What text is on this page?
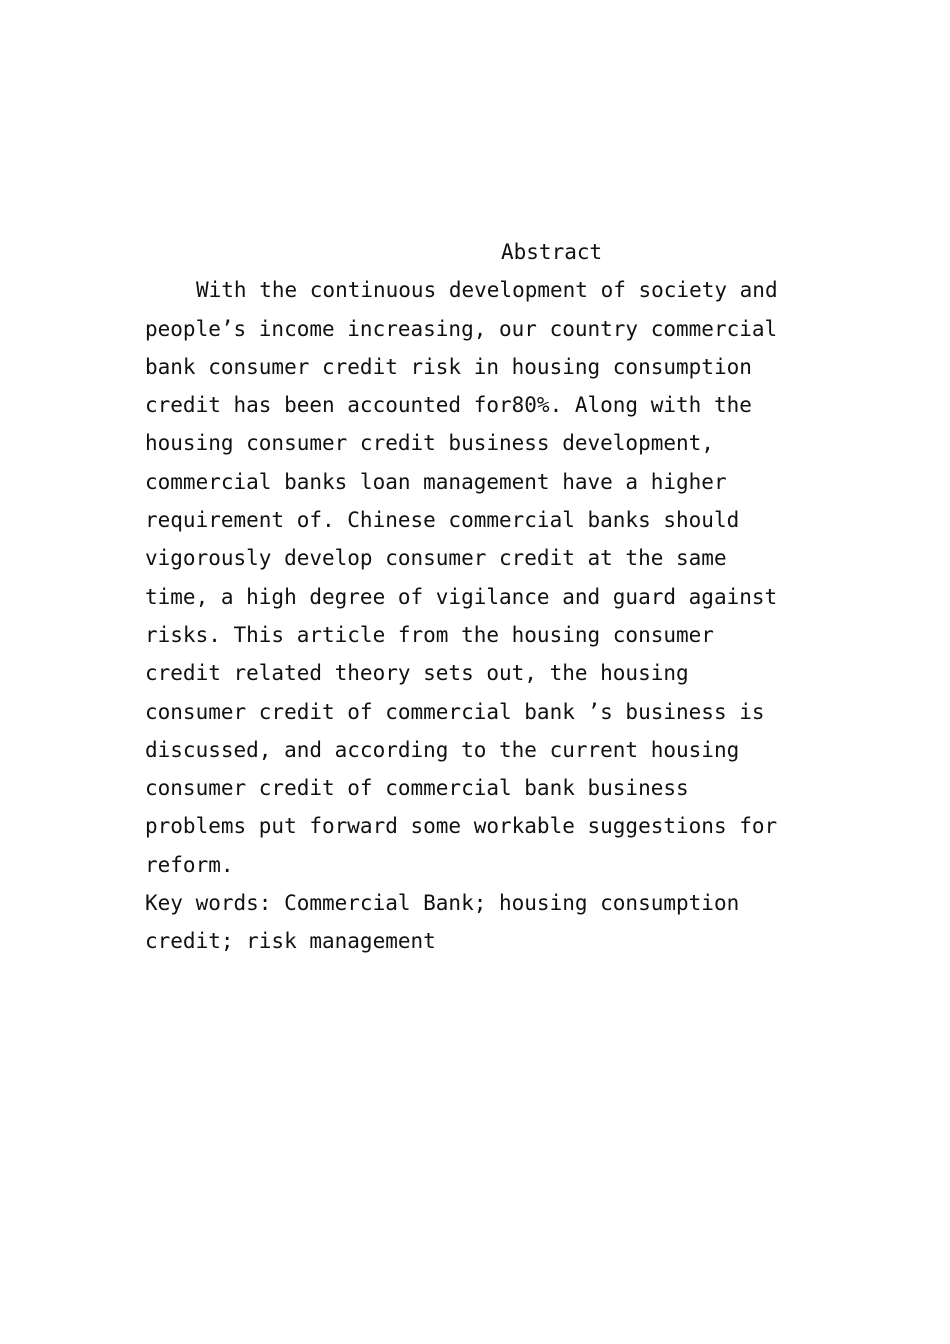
Abstract
With the continuous development of society and
people’s income increasing, our country commercial
bank consumer credit risk in housing consumption
credit has been accounted for80%. Along with the
housing consumer credit business development,
commercial banks loan management have a higher
requirement of. Chinese commercial banks should
vigorously develop consumer credit at the same
time, a high degree of vigilance and guard against
risks. This article from the housing consumer
credit related theory sets out, the housing
consumer credit of commercial bank ’s business is
discussed, and according to the current housing
consumer credit of commercial bank business
problems put forward some workable suggestions for
reform.
Key words: Commercial Bank; housing consumption
credit; risk management
